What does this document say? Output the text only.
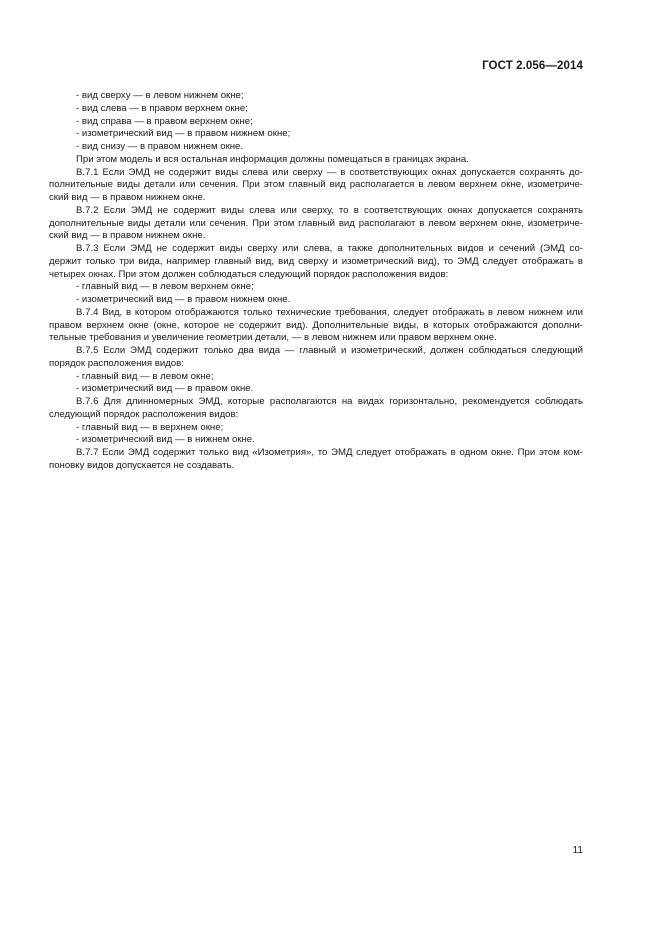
ГОСТ 2.056—2014
- вид сверху — в левом нижнем окне;
- вид слева — в правом верхнем окне;
- вид справа — в правом верхнем окне;
- изометрический вид — в правом нижнем окне;
- вид снизу — в правом нижнем окне.
При этом модель и вся остальная информация должны помещаться в границах экрана.
В.7.1 Если ЭМД не содержит виды слева или сверху — в соответствующих окнах допускается сохранять до-
полнительные виды детали или сечения. При этом главный вид располагается в левом верхнем окне, изометриче-
ский вид — в правом нижнем окне.
В.7.2 Если ЭМД не содержит виды слева или сверху, то в соответствующих окнах допускается сохранять
дополнительные виды детали или сечения. При этом главный вид располагают в левом верхнем окне, изометриче-
ский вид — в правом нижнем окне.
В.7.3 Если ЭМД не содержит виды сверху или слева, а также дополнительных видов и сечений (ЭМД со-
держит только три вида, например главный вид, вид сверху и изометрический вид), то ЭМД следует отображать в
четырех окнах. При этом должен соблюдаться следующий порядок расположения видов:
- главный вид — в левом верхнем окне;
- изометрический вид — в правом нижнем окне.
В.7.4 Вид, в котором отображаются только технические требования, следует отображать в левом нижнем или
правом верхнем окне (окне, которое не содержит вид). Дополнительные виды, в которых отображаются дополни-
тельные требования и увеличение геометрии детали, — в левом нижнем или правом верхнем окне.
В.7.5 Если ЭМД содержит только два вида — главный и изометрический, должен соблюдаться следующий
порядок расположения видов:
- главный вид — в левом окне;
- изометрический вид — в правом окне.
В.7.6 Для длинномерных ЭМД, которые располагаются на видах горизонтально, рекомендуется соблюдать
следующий порядок расположения видов:
- главный вид — в верхнем окне;
- изометрический вид — в нижнем окне.
В.7.7 Если ЭМД содержит только вид «Изометрия», то ЭМД следует отображать в одном окне. При этом ком-
поновку видов допускается не создавать.
11
